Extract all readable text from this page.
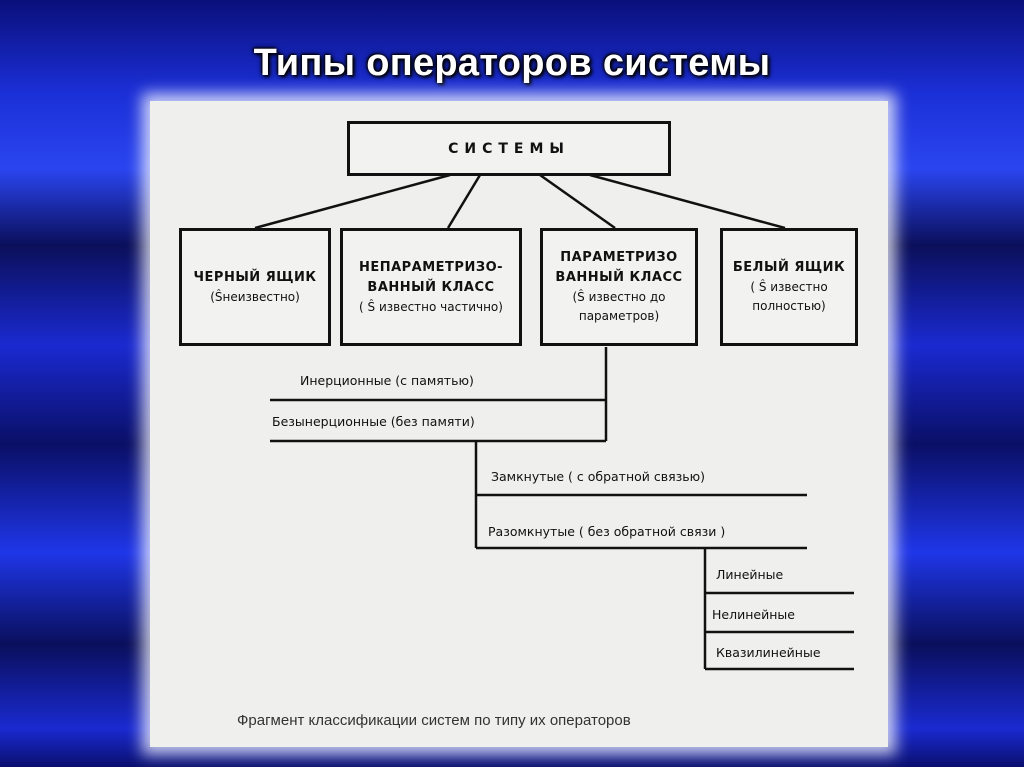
Типы операторов системы
СИСТЕМЫ
ЧЕРНЫЙ ЯЩИК
(Ŝнеизвестно)
НЕПАРАМЕТРИЗО- ВАННЫЙ КЛАСС
( Ŝ известно частично)
ПАРАМЕТРИЗО ВАННЫЙ КЛАСС
(Ŝ известно до параметров)
БЕЛЫЙ ЯЩИК
( Ŝ известно полностью)
Инерционные (с памятью)
Безынерционные (без памяти)
Замкнутые ( с обратной связью)
Разомкнутые ( без обратной связи )
Линейные
Нелинейные
Квазилинейные
Фрагмент классификации систем по типу их операторов
